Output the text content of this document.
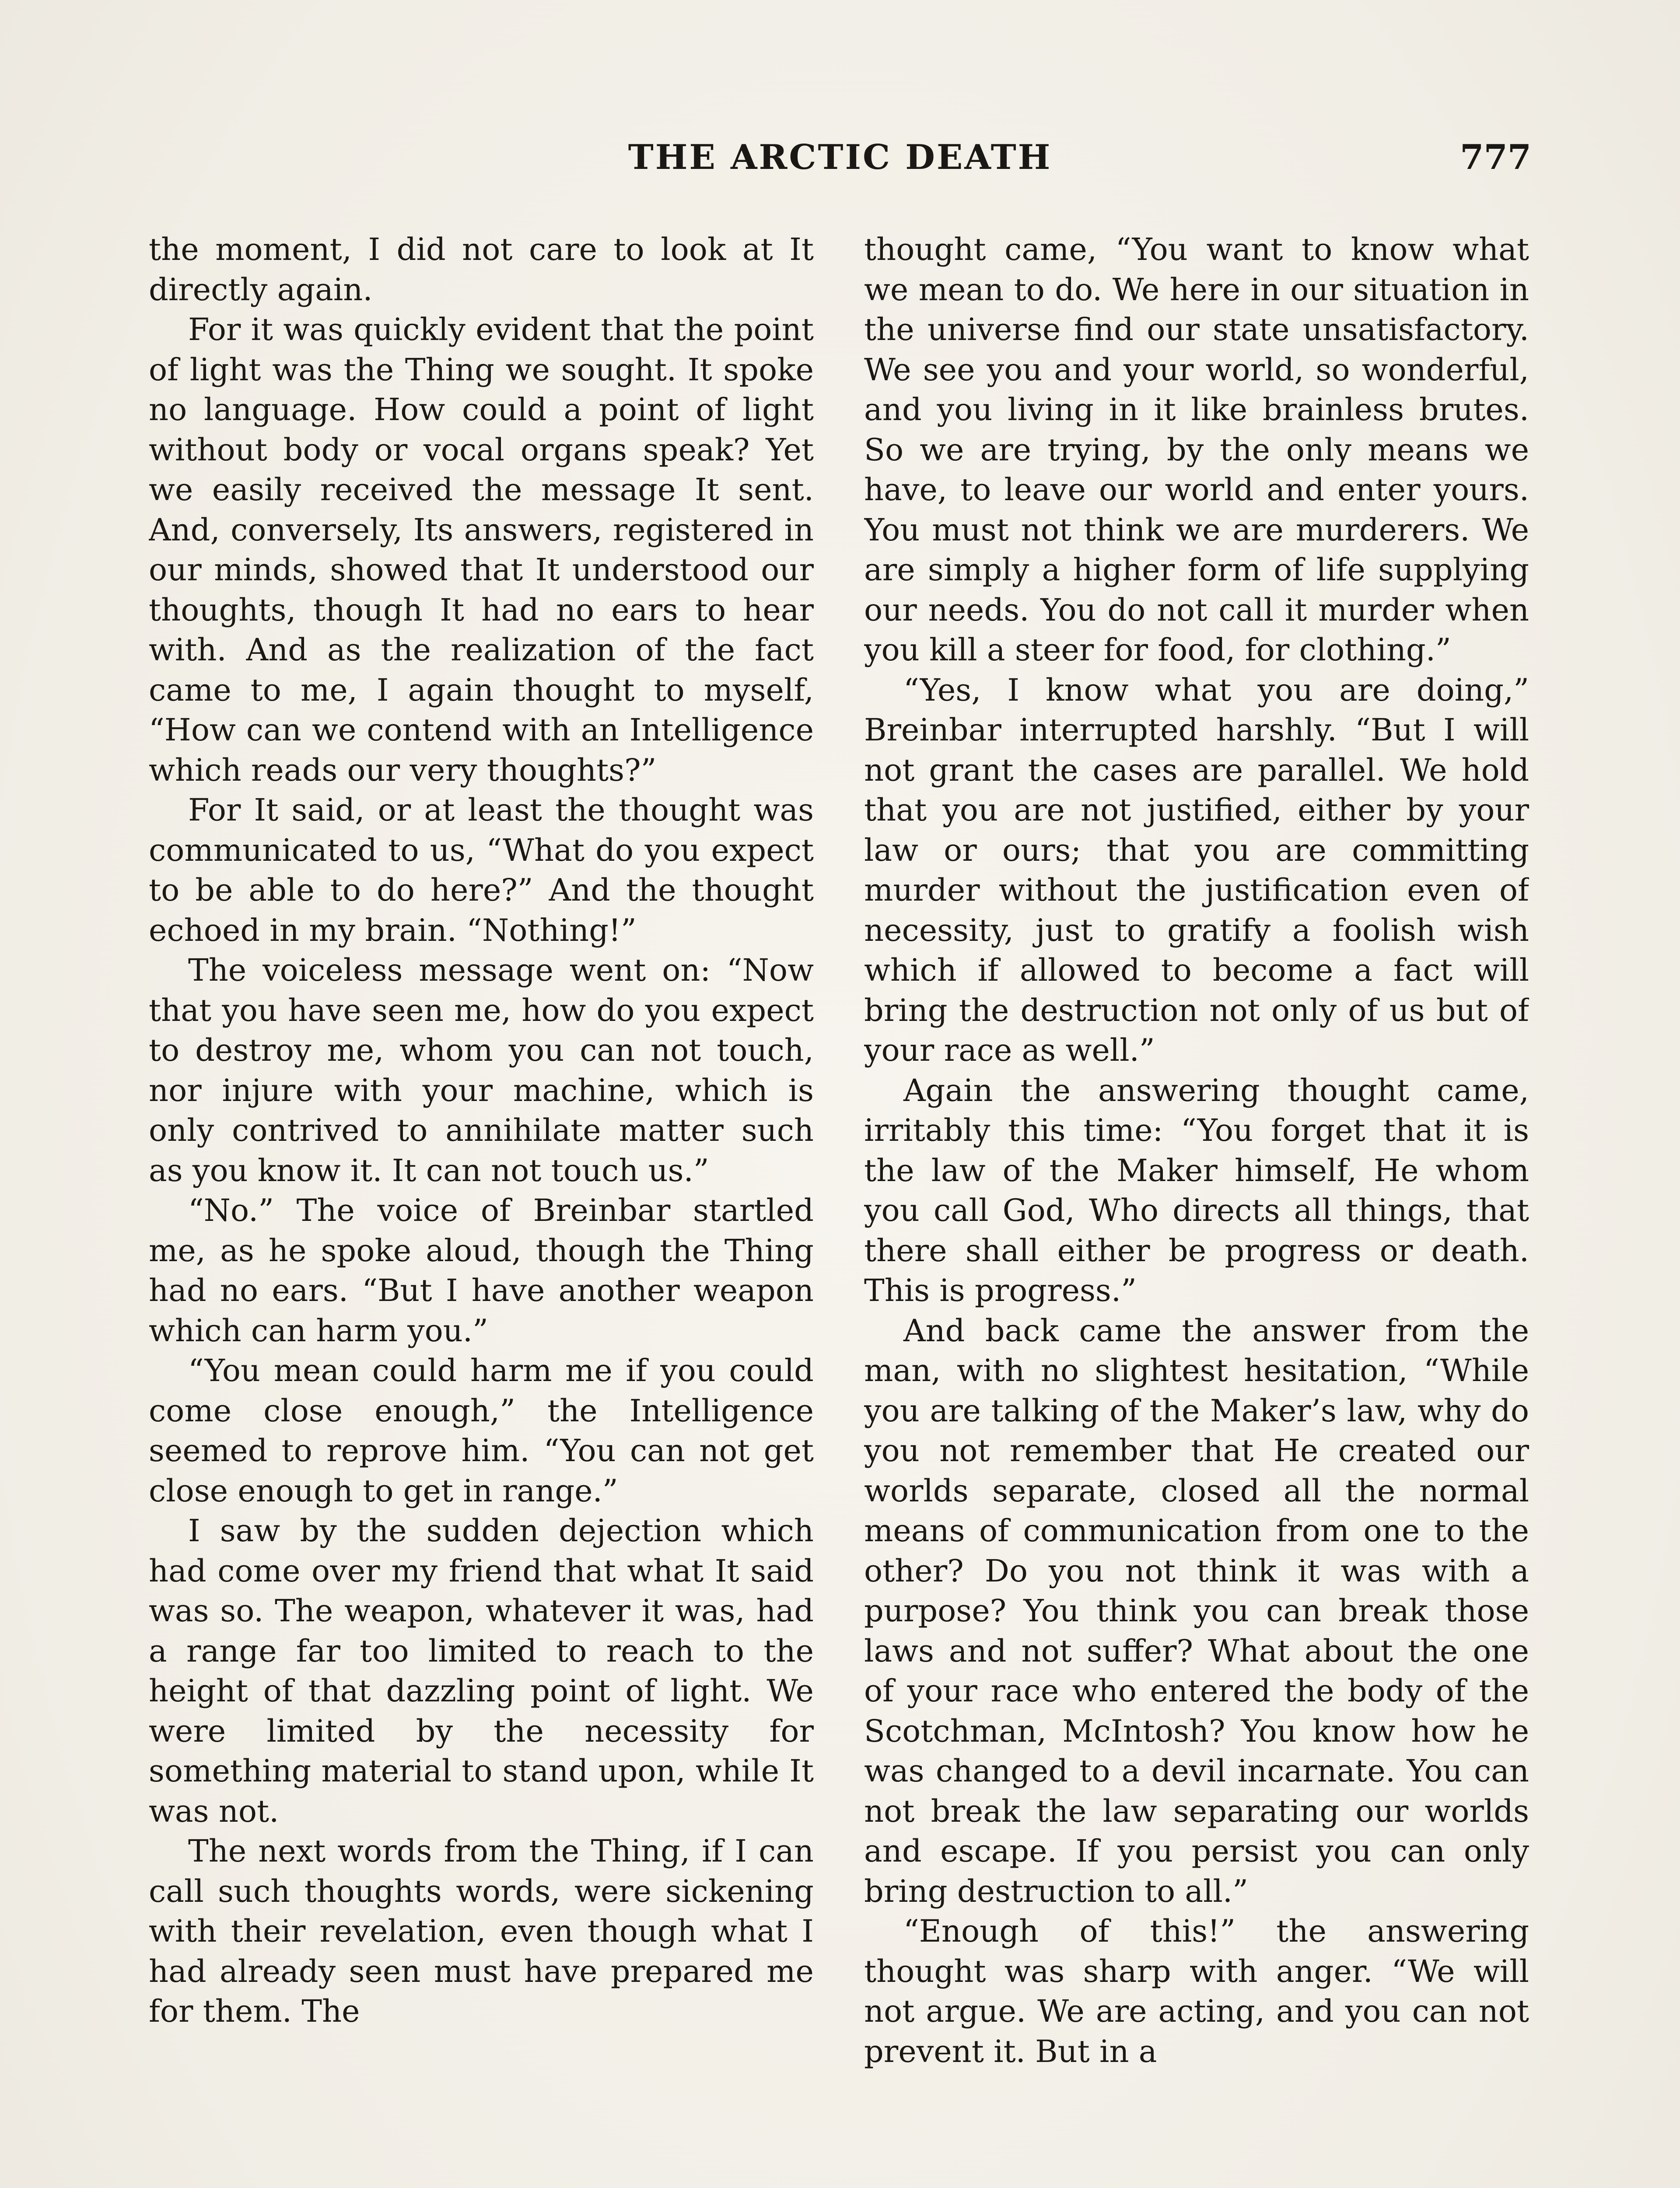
THE ARCTIC DEATH	777

the moment, I did not care to look at It directly again.

For it was quickly evident that the point of light was the Thing we sought. It spoke no language. How could a point of light without body or vocal organs speak? Yet we easily received the message It sent. And, conversely, Its answers, registered in our minds, showed that It understood our thoughts, though It had no ears to hear with. And as the realization of the fact came to me, I again thought to myself, “How can we contend with an Intelligence which reads our very thoughts?”

For It said, or at least the thought was communicated to us, “What do you expect to be able to do here?” And the thought echoed in my brain. “Nothing!”

The voiceless message went on: “Now that you have seen me, how do you expect to destroy me, whom you can not touch, nor injure with your machine, which is only contrived to annihilate matter such as you know it. It can not touch us.”

“No.” The voice of Breinbar startled me, as he spoke aloud, though the Thing had no ears. “But I have another weapon which can harm you.”

“You mean could harm me if you could come close enough,” the Intelligence seemed to reprove him. “You can not get close enough to get in range.”

I saw by the sudden dejection which had come over my friend that what It said was so. The weapon, whatever it was, had a range far too limited to reach to the height of that dazzling point of light. We were limited by the necessity for something material to stand upon, while It was not.

The next words from the Thing, if I can call such thoughts words, were sickening with their revelation, even though what I had already seen must have prepared me for them. The

thought came, “You want to know what we mean to do. We here in our situation in the universe find our state unsatisfactory. We see you and your world, so wonderful, and you living in it like brainless brutes. So we are trying, by the only means we have, to leave our world and enter yours. You must not think we are murderers. We are simply a higher form of life supplying our needs. You do not call it murder when you kill a steer for food, for clothing.”

“Yes, I know what you are doing,” Breinbar interrupted harshly. “But I will not grant the cases are parallel. We hold that you are not justified, either by your law or ours; that you are committing murder without the justification even of necessity, just to gratify a foolish wish which if allowed to become a fact will bring the destruction not only of us but of your race as well.”

Again the answering thought came, irritably this time: “You forget that it is the law of the Maker himself, He whom you call God, Who directs all things, that there shall either be progress or death. This is progress.”

And back came the answer from the man, with no slightest hesitation, “While you are talking of the Maker’s law, why do you not remember that He created our worlds separate, closed all the normal means of communication from one to the other? Do you not think it was with a purpose? You think you can break those laws and not suffer? What about the one of your race who entered the body of the Scotchman, McIntosh? You know how he was changed to a devil incarnate. You can not break the law separating our worlds and escape. If you persist you can only bring destruction to all.”

“Enough of this!” the answering thought was sharp with anger. “We will not argue. We are acting, and you can not prevent it. But in a
